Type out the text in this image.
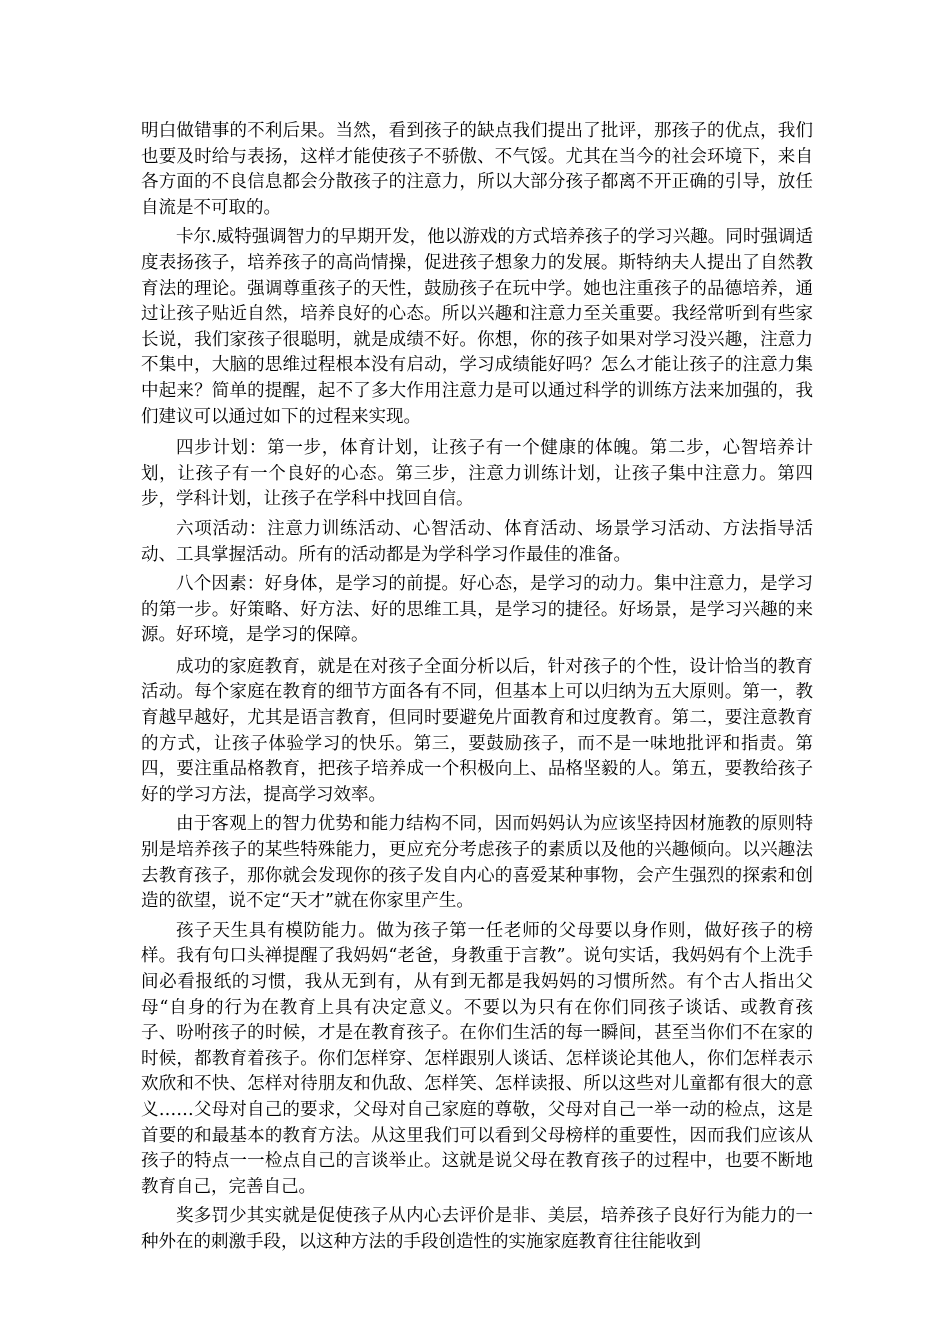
明白做错事的不利后果。当然，看到孩子的缺点我们提出了批评，那孩子的优点，我们也要及时给与表扬，这样才能使孩子不骄傲、不气馁。尤其在当今的社会环境下，来自各方面的不良信息都会分散孩子的注意力，所以大部分孩子都离不开正确的引导，放任自流是不可取的。

卡尔.威特强调智力的早期开发，他以游戏的方式培养孩子的学习兴趣。同时强调适度表扬孩子，培养孩子的高尚情操，促进孩子想象力的发展。斯特纳夫人提出了自然教育法的理论。强调尊重孩子的天性，鼓励孩子在玩中学。她也注重孩子的品德培养，通过让孩子贴近自然，培养良好的心态。所以兴趣和注意力至关重要。我经常听到有些家长说，我们家孩子很聪明，就是成绩不好。你想，你的孩子如果对学习没兴趣，注意力不集中，大脑的思维过程根本没有启动，学习成绩能好吗？怎么才能让孩子的注意力集中起来？简单的提醒，起不了多大作用注意力是可以通过科学的训练方法来加强的，我们建议可以通过如下的过程来实现。

四步计划：第一步，体育计划，让孩子有一个健康的体魄。第二步，心智培养计划，让孩子有一个良好的心态。第三步，注意力训练计划，让孩子集中注意力。第四步，学科计划，让孩子在学科中找回自信。

六项活动：注意力训练活动、心智活动、体育活动、场景学习活动、方法指导活动、工具掌握活动。所有的活动都是为学科学习作最佳的准备。

八个因素：好身体，是学习的前提。好心态，是学习的动力。集中注意力，是学习的第一步。好策略、好方法、好的思维工具，是学习的捷径。好场景，是学习兴趣的来源。好环境，是学习的保障。

成功的家庭教育，就是在对孩子全面分析以后，针对孩子的个性，设计恰当的教育活动。每个家庭在教育的细节方面各有不同，但基本上可以归纳为五大原则。第一，教育越早越好，尤其是语言教育，但同时要避免片面教育和过度教育。第二，要注意教育的方式，让孩子体验学习的快乐。第三，要鼓励孩子，而不是一味地批评和指责。第四，要注重品格教育，把孩子培养成一个积极向上、品格坚毅的人。第五，要教给孩子好的学习方法，提高学习效率。

由于客观上的智力优势和能力结构不同，因而妈妈认为应该坚持因材施教的原则特别是培养孩子的某些特殊能力，更应充分考虑孩子的素质以及他的兴趣倾向。以兴趣法去教育孩子，那你就会发现你的孩子发自内心的喜爱某种事物，会产生强烈的探索和创造的欲望，说不定“天才”就在你家里产生。

孩子天生具有模防能力。做为孩子第一任老师的父母要以身作则，做好孩子的榜样。我有句口头禅提醒了我妈妈“老爸，身教重于言教”。说句实话，我妈妈有个上洗手间必看报纸的习惯，我从无到有，从有到无都是我妈妈的习惯所然。有个古人指出父母“自身的行为在教育上具有决定意义。不要以为只有在你们同孩子谈话、或教育孩子、吩咐孩子的时候，才是在教育孩子。在你们生活的每一瞬间，甚至当你们不在家的时候，都教育着孩子。你们怎样穿、怎样跟别人谈话、怎样谈论其他人，你们怎样表示欢欣和不快、怎样对待朋友和仇敌、怎样笑、怎样读报、所以这些对儿童都有很大的意义……父母对自己的要求，父母对自己家庭的尊敬，父母对自己一举一动的检点，这是首要的和最基本的教育方法。从这里我们可以看到父母榜样的重要性，因而我们应该从孩子的特点一一检点自己的言谈举止。这就是说父母在教育孩子的过程中，也要不断地教育自己，完善自己。

奖多罚少其实就是促使孩子从内心去评价是非、美层，培养孩子良好行为能力的一种外在的刺激手段，以这种方法的手段创造性的实施家庭教育往往能收到
